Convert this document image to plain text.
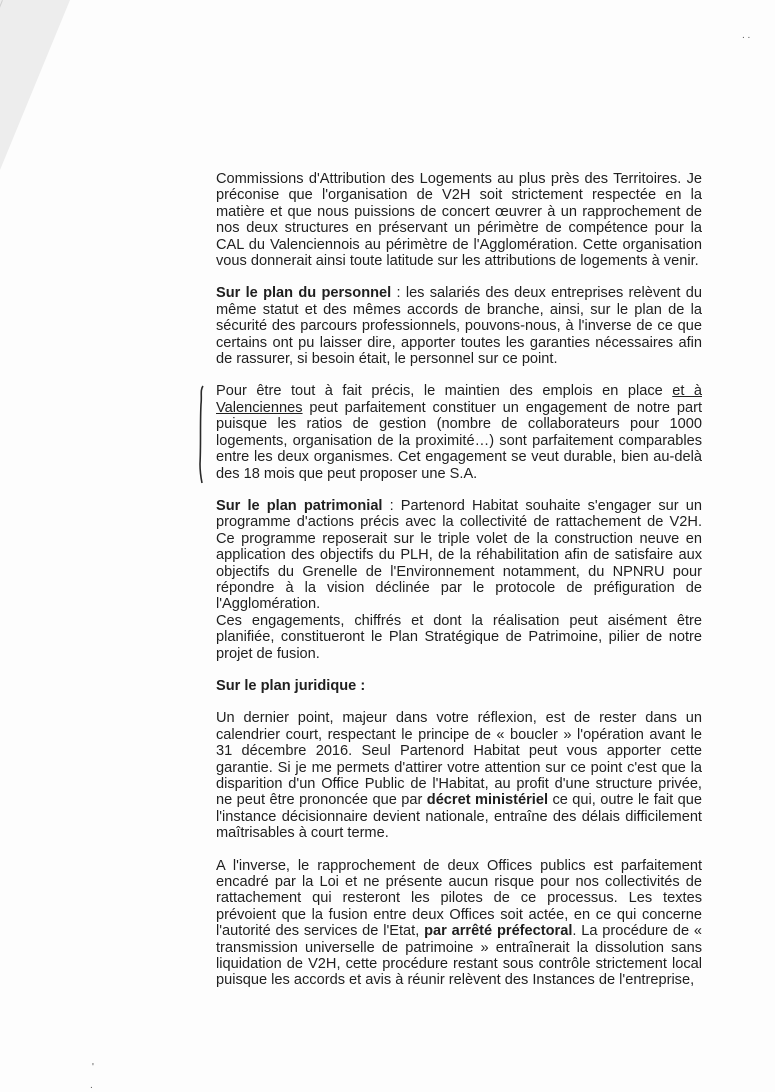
. .
'
.

Commissions d'Attribution des Logements au plus près des Territoires. Je préconise que l'organisation de V2H soit strictement respectée en la matière et que nous puissions de concert œuvrer à un rapprochement de nos deux structures en préservant un périmètre de compétence pour la CAL du Valenciennois au périmètre de l'Agglomération. Cette organisation vous donnerait ainsi toute latitude sur les attributions de logements à venir.

Sur le plan du personnel : les salariés des deux entreprises relèvent du même statut et des mêmes accords de branche, ainsi, sur le plan de la sécurité des parcours professionnels, pouvons-nous, à l'inverse de ce que certains ont pu laisser dire, apporter toutes les garanties nécessaires afin de rassurer, si besoin était, le personnel sur ce point.

Pour être tout à fait précis, le maintien des emplois en place et à Valenciennes peut parfaitement constituer un engagement de notre part puisque les ratios de gestion (nombre de collaborateurs pour 1000 logements, organisation de la proximité…) sont parfaitement comparables entre les deux organismes. Cet engagement se veut durable, bien au-delà des 18 mois que peut proposer une S.A.

Sur le plan patrimonial : Partenord Habitat souhaite s'engager sur un programme d'actions précis avec la collectivité de rattachement de V2H. Ce programme reposerait sur le triple volet de la construction neuve en application des objectifs du PLH, de la réhabilitation afin de satisfaire aux objectifs du Grenelle de l'Environnement notamment, du NPNRU pour répondre à la vision déclinée par le protocole de préfiguration de l'Agglomération.

Ces engagements, chiffrés et dont la réalisation peut aisément être planifiée, constitueront le Plan Stratégique de Patrimoine, pilier de notre projet de fusion.

Sur le plan juridique :

Un dernier point, majeur dans votre réflexion, est de rester dans un calendrier court, respectant le principe de « boucler » l'opération avant le 31 décembre 2016. Seul Partenord Habitat peut vous apporter cette garantie. Si je me permets d'attirer votre attention sur ce point c'est que la disparition d'un Office Public de l'Habitat, au profit d'une structure privée, ne peut être prononcée que par décret ministériel ce qui, outre le fait que l'instance décisionnaire devient nationale, entraîne des délais difficilement maîtrisables à court terme.

A l'inverse, le rapprochement de deux Offices publics est parfaitement encadré par la Loi et ne présente aucun risque pour nos collectivités de rattachement qui resteront les pilotes de ce processus. Les textes prévoient que la fusion entre deux Offices soit actée, en ce qui concerne l'autorité des services de l'Etat, par arrêté préfectoral. La procédure de « transmission universelle de patrimoine » entraînerait la dissolution sans liquidation de V2H, cette procédure restant sous contrôle strictement local puisque les accords et avis à réunir relèvent des Instances de l'entreprise,
